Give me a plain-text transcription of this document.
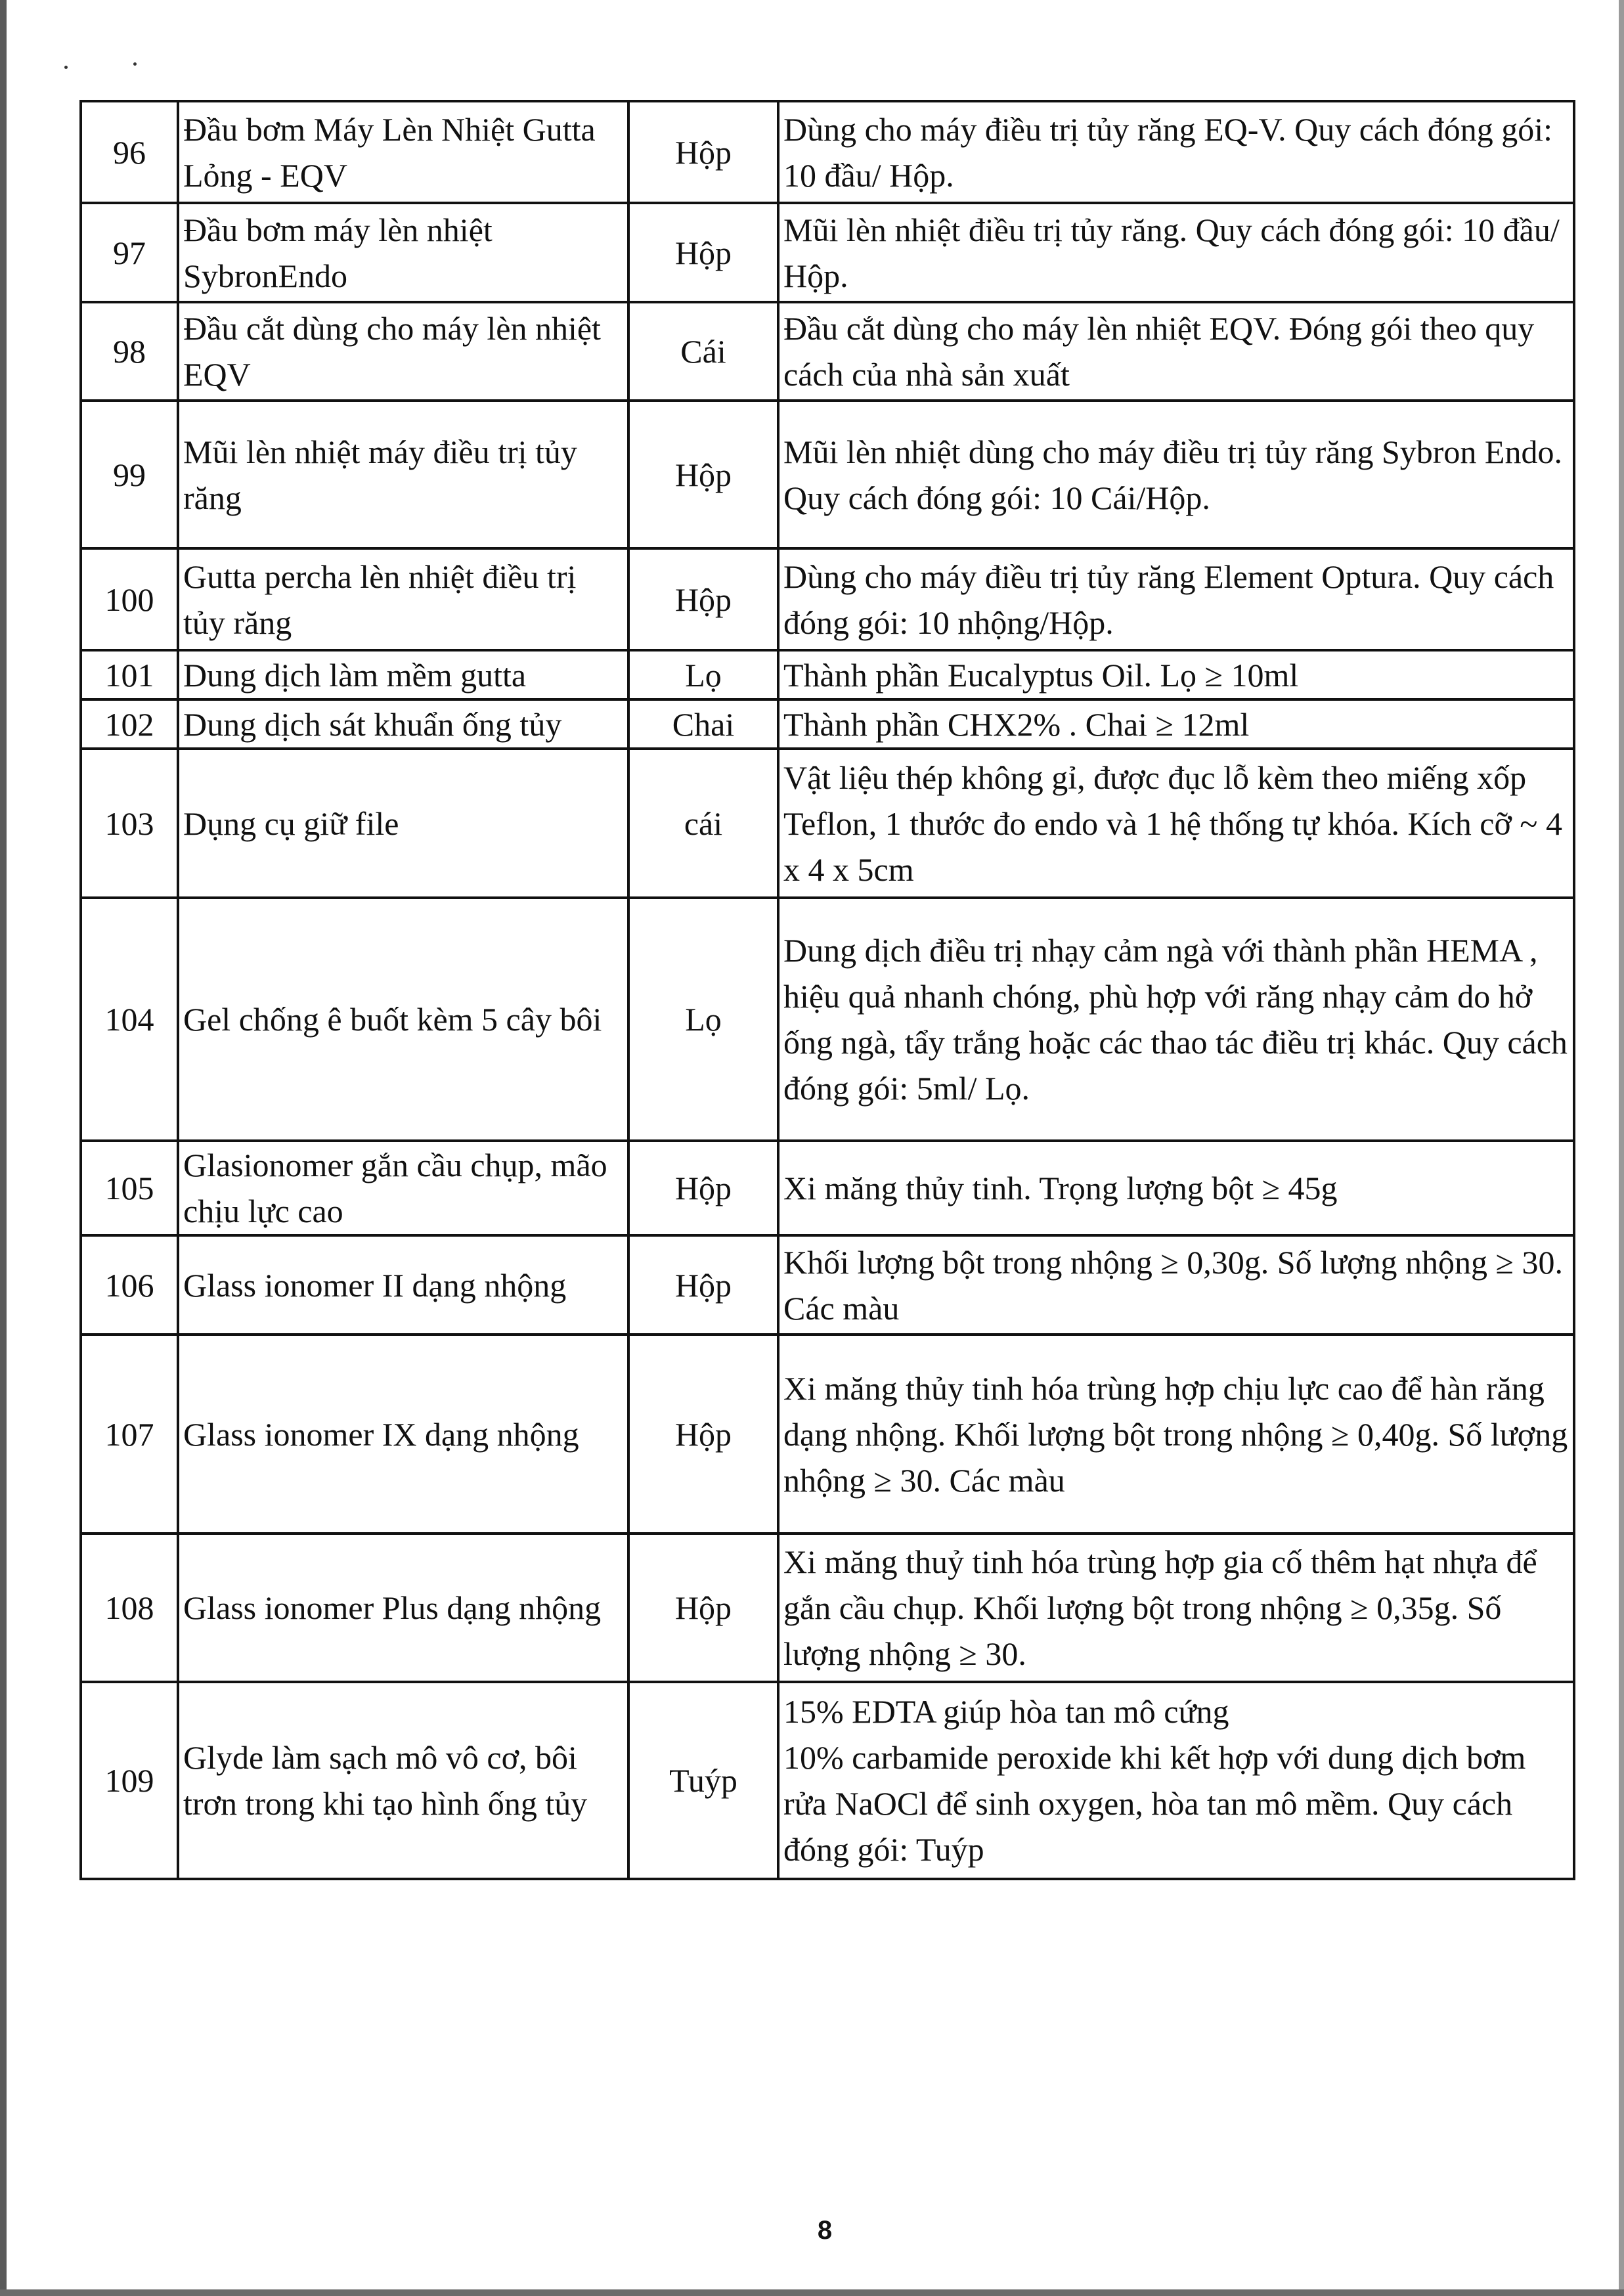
96	Đầu bơm Máy Lèn Nhiệt Gutta Lỏng - EQV	Hộp	Dùng cho máy điều trị tủy răng EQ-V. Quy cách đóng gói: 10 đầu/ Hộp.
97	Đầu bơm máy lèn nhiệt SybronEndo	Hộp	Mũi lèn nhiệt điều trị tủy răng. Quy cách đóng gói: 10 đầu/ Hộp.
98	Đầu cắt dùng cho máy lèn nhiệt EQV	Cái	Đầu cắt dùng cho máy lèn nhiệt EQV. Đóng gói theo quy cách của nhà sản xuất
99	Mũi lèn nhiệt máy điều trị tủy răng	Hộp	Mũi lèn nhiệt dùng cho máy điều trị tủy răng Sybron Endo. Quy cách đóng gói: 10 Cái/Hộp.
100	Gutta percha lèn nhiệt điều trị tủy răng	Hộp	Dùng cho máy điều trị tủy răng Element Optura. Quy cách đóng gói: 10 nhộng/Hộp.
101	Dung dịch làm mềm gutta	Lọ	Thành phần Eucalyptus Oil. Lọ ≥ 10ml
102	Dung dịch sát khuẩn ống tủy	Chai	Thành phần CHX2% . Chai ≥ 12ml
103	Dụng cụ giữ file	cái	Vật liệu thép không gỉ, được đục lỗ kèm theo miếng xốp Teflon, 1 thước đo endo và 1 hệ thống tự khóa. Kích cỡ ~ 4 x 4 x 5cm
104	Gel chống ê buốt kèm 5 cây bôi	Lọ	Dung dịch điều trị nhạy cảm ngà với thành phần HEMA , hiệu quả nhanh chóng, phù hợp với răng nhạy cảm do hở ống ngà, tẩy trắng hoặc các thao tác điều trị khác. Quy cách đóng gói: 5ml/ Lọ.
105	Glasionomer gắn cầu chụp, mão chịu lực cao	Hộp	Xi măng thủy tinh. Trọng lượng bột ≥ 45g
106	Glass ionomer II dạng nhộng	Hộp	Khối lượng bột trong nhộng ≥ 0,30g. Số lượng nhộng ≥ 30. Các màu
107	Glass ionomer IX dạng nhộng	Hộp	Xi măng thủy tinh hóa trùng hợp chịu lực cao để hàn răng dạng nhộng. Khối lượng bột trong nhộng ≥ 0,40g. Số lượng nhộng ≥ 30. Các màu
108	Glass ionomer Plus dạng nhộng	Hộp	Xi măng thuỷ tinh hóa trùng hợp gia cố thêm hạt nhựa để gắn cầu chụp. Khối lượng bột trong nhộng ≥ 0,35g. Số lượng nhộng ≥ 30.
109	Glyde làm sạch mô vô cơ, bôi trơn trong khi tạo hình ống tủy	Tuýp	15% EDTA giúp hòa tan mô cứng
10% carbamide peroxide khi kết hợp với dung dịch bơm rửa NaOCl để sinh oxygen, hòa tan mô mềm. Quy cách đóng gói: Tuýp
8
